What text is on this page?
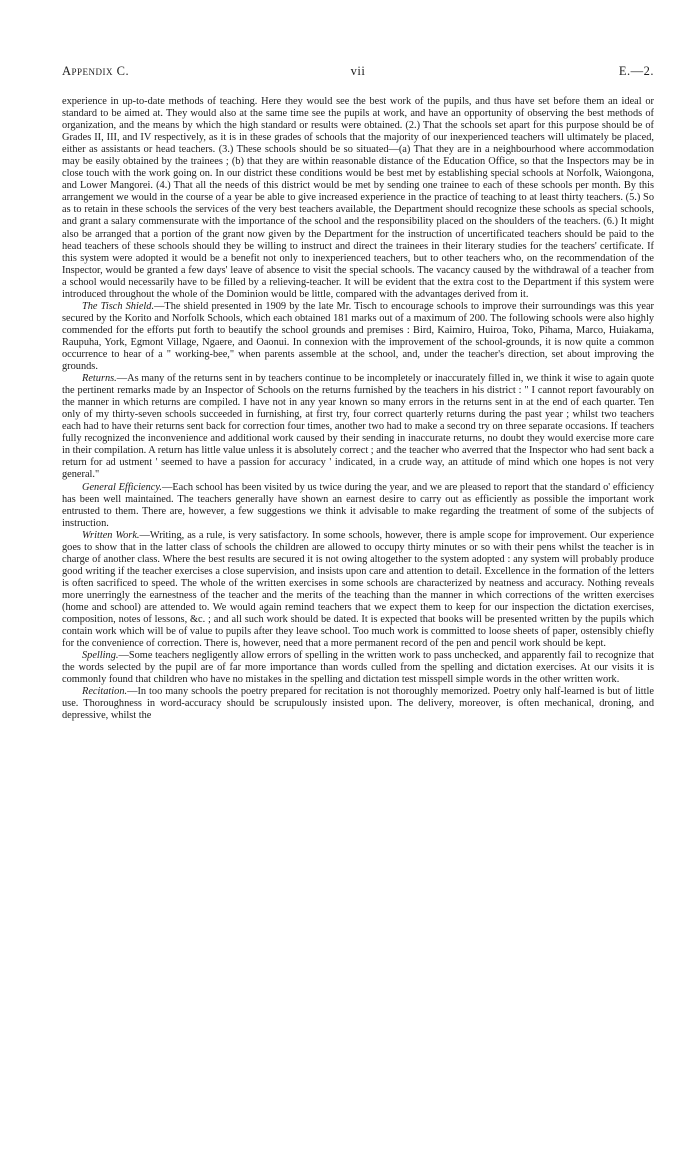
Appendix C.	vii	E.—2.

experience in up-to-date methods of teaching. Here they would see the best work of the pupils, and thus have set before them an ideal or standard to be aimed at. They would also at the same time see the pupils at work, and have an opportunity of observing the best methods of organization, and the means by which the high standard or results were obtained. (2.) That the schools set apart for this purpose should be of Grades II, III, and IV respectively, as it is in these grades of schools that the majority of our inexperienced teachers will ultimately be placed, either as assistants or head teachers. (3.) These schools should be so situated—(a) That they are in a neighbourhood where accommodation may be easily obtained by the trainees ; (b) that they are within reasonable distance of the Education Office, so that the Inspectors may be in close touch with the work going on. In our district these conditions would be best met by establishing special schools at Norfolk, Waiongona, and Lower Mangorei. (4.) That all the needs of this district would be met by sending one trainee to each of these schools per month. By this arrangement we would in the course of a year be able to give increased experience in the practice of teaching to at least thirty teachers. (5.) So as to retain in these schools the services of the very best teachers available, the Department should recognize these schools as special schools, and grant a salary commensurate with the importance of the school and the responsibility placed on the shoulders of the teachers. (6.) It might also be arranged that a portion of the grant now given by the Department for the instruction of uncertificated teachers should be paid to the head teachers of these schools should they be willing to instruct and direct the trainees in their literary studies for the teachers' certificate. If this system were adopted it would be a benefit not only to inexperienced teachers, but to other teachers who, on the recommendation of the Inspector, would be granted a few days' leave of absence to visit the special schools. The vacancy caused by the withdrawal of a teacher from a school would necessarily have to be filled by a relieving-teacher. It will be evident that the extra cost to the Department if this system were introduced throughout the whole of the Dominion would be little, compared with the advantages derived from it.

The Tisch Shield.—The shield presented in 1909 by the late Mr. Tisch to encourage schools to improve their surroundings was this year secured by the Korito and Norfolk Schools, which each obtained 181 marks out of a maximum of 200. The following schools were also highly commended for the efforts put forth to beautify the school grounds and premises : Bird, Kaimiro, Huiroa, Toko, Pihama, Marco, Huiakama, Raupuha, York, Egmont Village, Ngaere, and Oaonui. In connexion with the improvement of the school-grounds, it is now quite a common occurrence to hear of a " working-bee," when parents assemble at the school, and, under the teacher's direction, set about improving the grounds.

Returns.—As many of the returns sent in by teachers continue to be incompletely or inaccurately filled in, we think it wise to again quote the pertinent remarks made by an Inspector of Schools on the returns furnished by the teachers in his district : " I cannot report favourably on the manner in which returns are compiled. I have not in any year known so many errors in the returns sent in at the end of each quarter. Ten only of my thirty-seven schools succeeded in furnishing, at first try, four correct quarterly returns during the past year ; whilst two teachers each had to have their returns sent back for correction four times, another two had to make a second try on three separate occasions. If teachers fully recognized the inconvenience and additional work caused by their sending in inaccurate returns, no doubt they would exercise more care in their compilation. A return has little value unless it is absolutely correct ; and the teacher who averred that the Inspector who had sent back a return for ad ustment ' seemed to have a passion for accuracy ' indicated, in a crude way, an attitude of mind which one hopes is not very general."

General Efficiency.—Each school has been visited by us twice during the year, and we are pleased to report that the standard o' efficiency has been well maintained. The teachers generally have shown an earnest desire to carry out as efficiently as possible the important work entrusted to them. There are, however, a few suggestions we think it advisable to make regarding the treatment of some of the subjects of instruction.

Written Work.—Writing, as a rule, is very satisfactory. In some schools, however, there is ample scope for improvement. Our experience goes to show that in the latter class of schools the children are allowed to occupy thirty minutes or so with their pens whilst the teacher is in charge of another class. Where the best results are secured it is not owing altogether to the system adopted : any system will probably produce good writing if the teacher exercises a close supervision, and insists upon care and attention to detail. Excellence in the formation of the letters is often sacrificed to speed. The whole of the written exercises in some schools are characterized by neatness and accuracy. Nothing reveals more unerringly the earnestness of the teacher and the merits of the teaching than the manner in which corrections of the written exercises (home and school) are attended to. We would again remind teachers that we expect them to keep for our inspection the dictation exercises, composition, notes of lessons, &c. ; and all such work should be dated. It is expected that books will be presented written by the pupils which contain work which will be of value to pupils after they leave school. Too much work is committed to loose sheets of paper, ostensibly chiefly for the convenience of correction. There is, however, need that a more permanent record of the pen and pencil work should be kept.

Spelling.—Some teachers negligently allow errors of spelling in the written work to pass unchecked, and apparently fail to recognize that the words selected by the pupil are of far more importance than words culled from the spelling and dictation exercises. At our visits it is commonly found that children who have no mistakes in the spelling and dictation test misspell simple words in the other written work.

Recitation.—In too many schools the poetry prepared for recitation is not thoroughly memorized. Poetry only half-learned is but of little use. Thoroughness in word-accuracy should be scrupulously insisted upon. The delivery, moreover, is often mechanical, droning, and depressive, whilst the
